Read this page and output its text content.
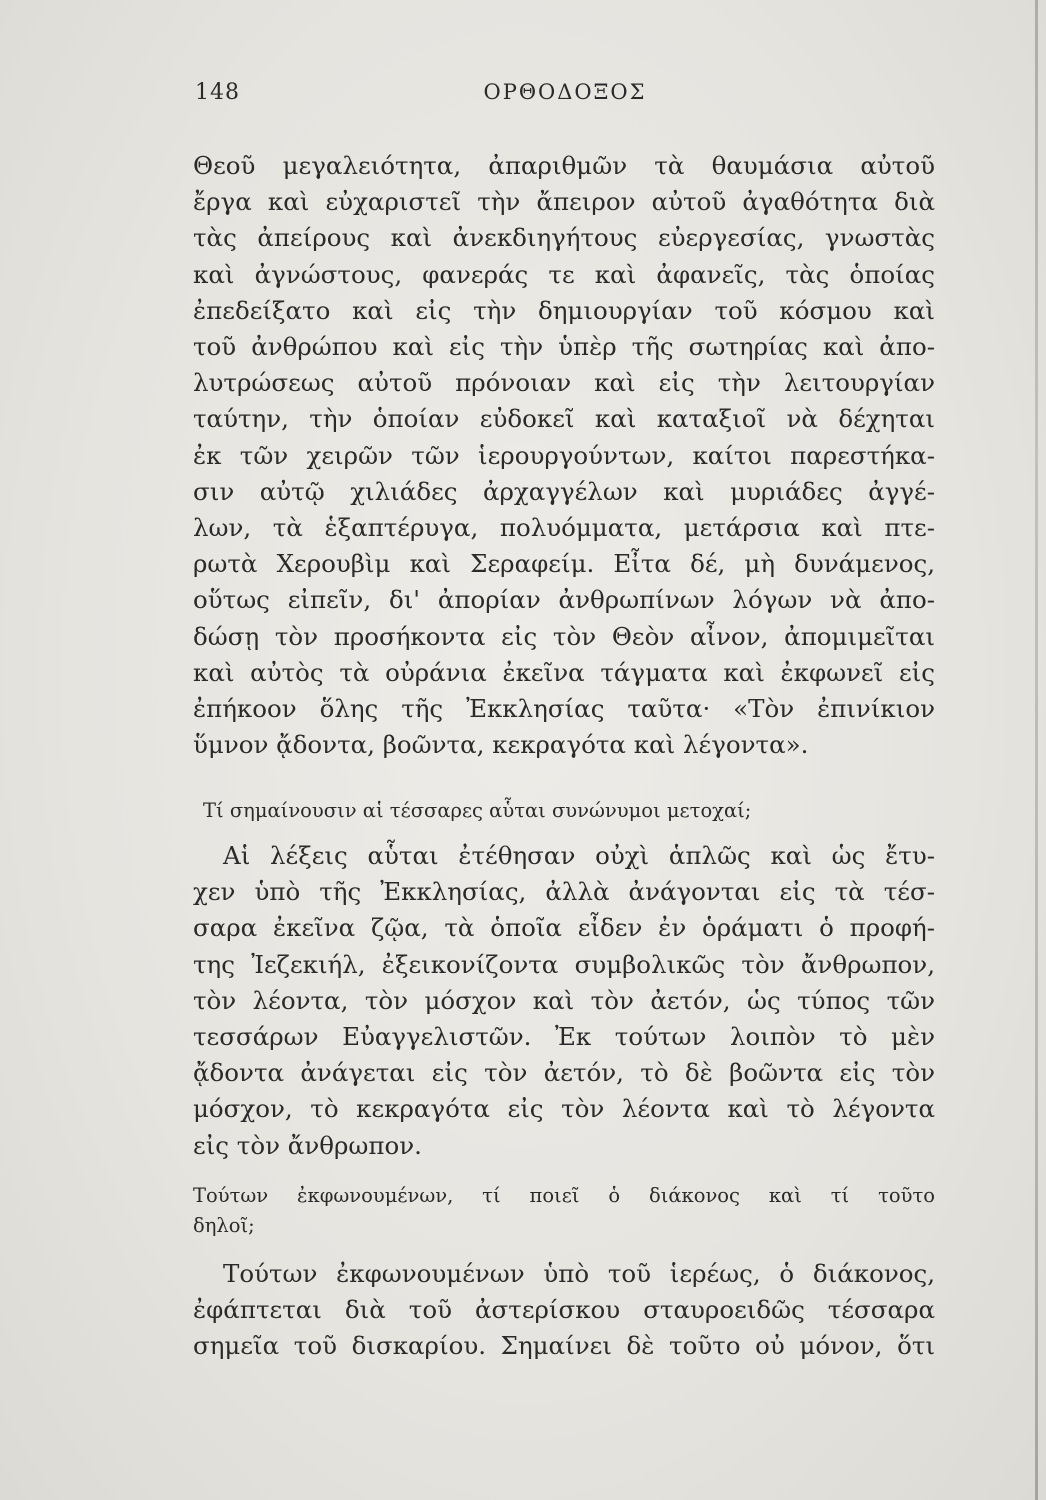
148	ΟΡΘΟΔΟΞΟΣ
Θεοῦ μεγαλειότητα, ἀπαριθμῶν τὰ θαυμάσια αὐτοῦ
ἔργα καὶ εὐχαριστεῖ τὴν ἄπειρον αὐτοῦ ἀγαθότητα διὰ
τὰς ἀπείρους καὶ ἀνεκδιηγήτους εὐεργεσίας, γνωστὰς
καὶ ἀγνώστους, φανεράς τε καὶ ἀφανεῖς, τὰς ὁποίας
ἐπεδείξατο καὶ εἰς τὴν δημιουργίαν τοῦ κόσμου καὶ
τοῦ ἀνθρώπου καὶ εἰς τὴν ὑπὲρ τῆς σωτηρίας καὶ ἀπο-
λυτρώσεως αὐτοῦ πρόνοιαν καὶ εἰς τὴν λειτουργίαν
ταύτην, τὴν ὁποίαν εὐδοκεῖ καὶ καταξιοῖ νὰ δέχηται
ἐκ τῶν χειρῶν τῶν ἱερουργούντων, καίτοι παρεστήκα-
σιν αὐτῷ χιλιάδες ἀρχαγγέλων καὶ μυριάδες ἀγγέ-
λων, τὰ ἑξαπτέρυγα, πολυόμματα, μετάρσια καὶ πτε-
ρωτὰ Χερουβὶμ καὶ Σεραφείμ. Εἶτα δέ, μὴ δυνάμενος,
οὕτως εἰπεῖν, δι' ἀπορίαν ἀνθρωπίνων λόγων νὰ ἀπο-
δώσῃ τὸν προσήκοντα εἰς τὸν Θεὸν αἶνον, ἀπομιμεῖται
καὶ αὐτὸς τὰ οὐράνια ἐκεῖνα τάγματα καὶ ἐκφωνεῖ εἰς
ἐπήκοον ὅλης τῆς Ἐκκλησίας ταῦτα· «Τὸν ἐπινίκιον
ὕμνον ᾄδοντα, βοῶντα, κεκραγότα καὶ λέγοντα».
Τί σημαίνουσιν αἱ τέσσαρες αὗται συνώνυμοι μετοχαί;
Αἱ λέξεις αὗται ἐτέθησαν οὐχὶ ἁπλῶς καὶ ὡς ἔτυ-
χεν ὑπὸ τῆς Ἐκκλησίας, ἀλλὰ ἀνάγονται εἰς τὰ τέσ-
σαρα ἐκεῖνα ζῷα, τὰ ὁποῖα εἶδεν ἐν ὁράματι ὁ προφή-
της Ἰεζεκιήλ, ἐξεικονίζοντα συμβολικῶς τὸν ἄνθρωπον,
τὸν λέοντα, τὸν μόσχον καὶ τὸν ἀετόν, ὡς τύπος τῶν
τεσσάρων Εὐαγγελιστῶν. Ἐκ τούτων λοιπὸν τὸ μὲν
ᾄδοντα ἀνάγεται εἰς τὸν ἀετόν, τὸ δὲ βοῶντα εἰς τὸν
μόσχον, τὸ κεκραγότα εἰς τὸν λέοντα καὶ τὸ λέγοντα
εἰς τὸν ἄνθρωπον.
Τούτων ἐκφωνουμένων, τί ποιεῖ ὁ διάκονος καὶ τί τοῦτο
δηλοῖ;
Τούτων ἐκφωνουμένων ὑπὸ τοῦ ἱερέως, ὁ διάκονος,
ἐφάπτεται διὰ τοῦ ἀστερίσκου σταυροειδῶς τέσσαρα
σημεῖα τοῦ δισκαρίου. Σημαίνει δὲ τοῦτο οὐ μόνον, ὅτι
